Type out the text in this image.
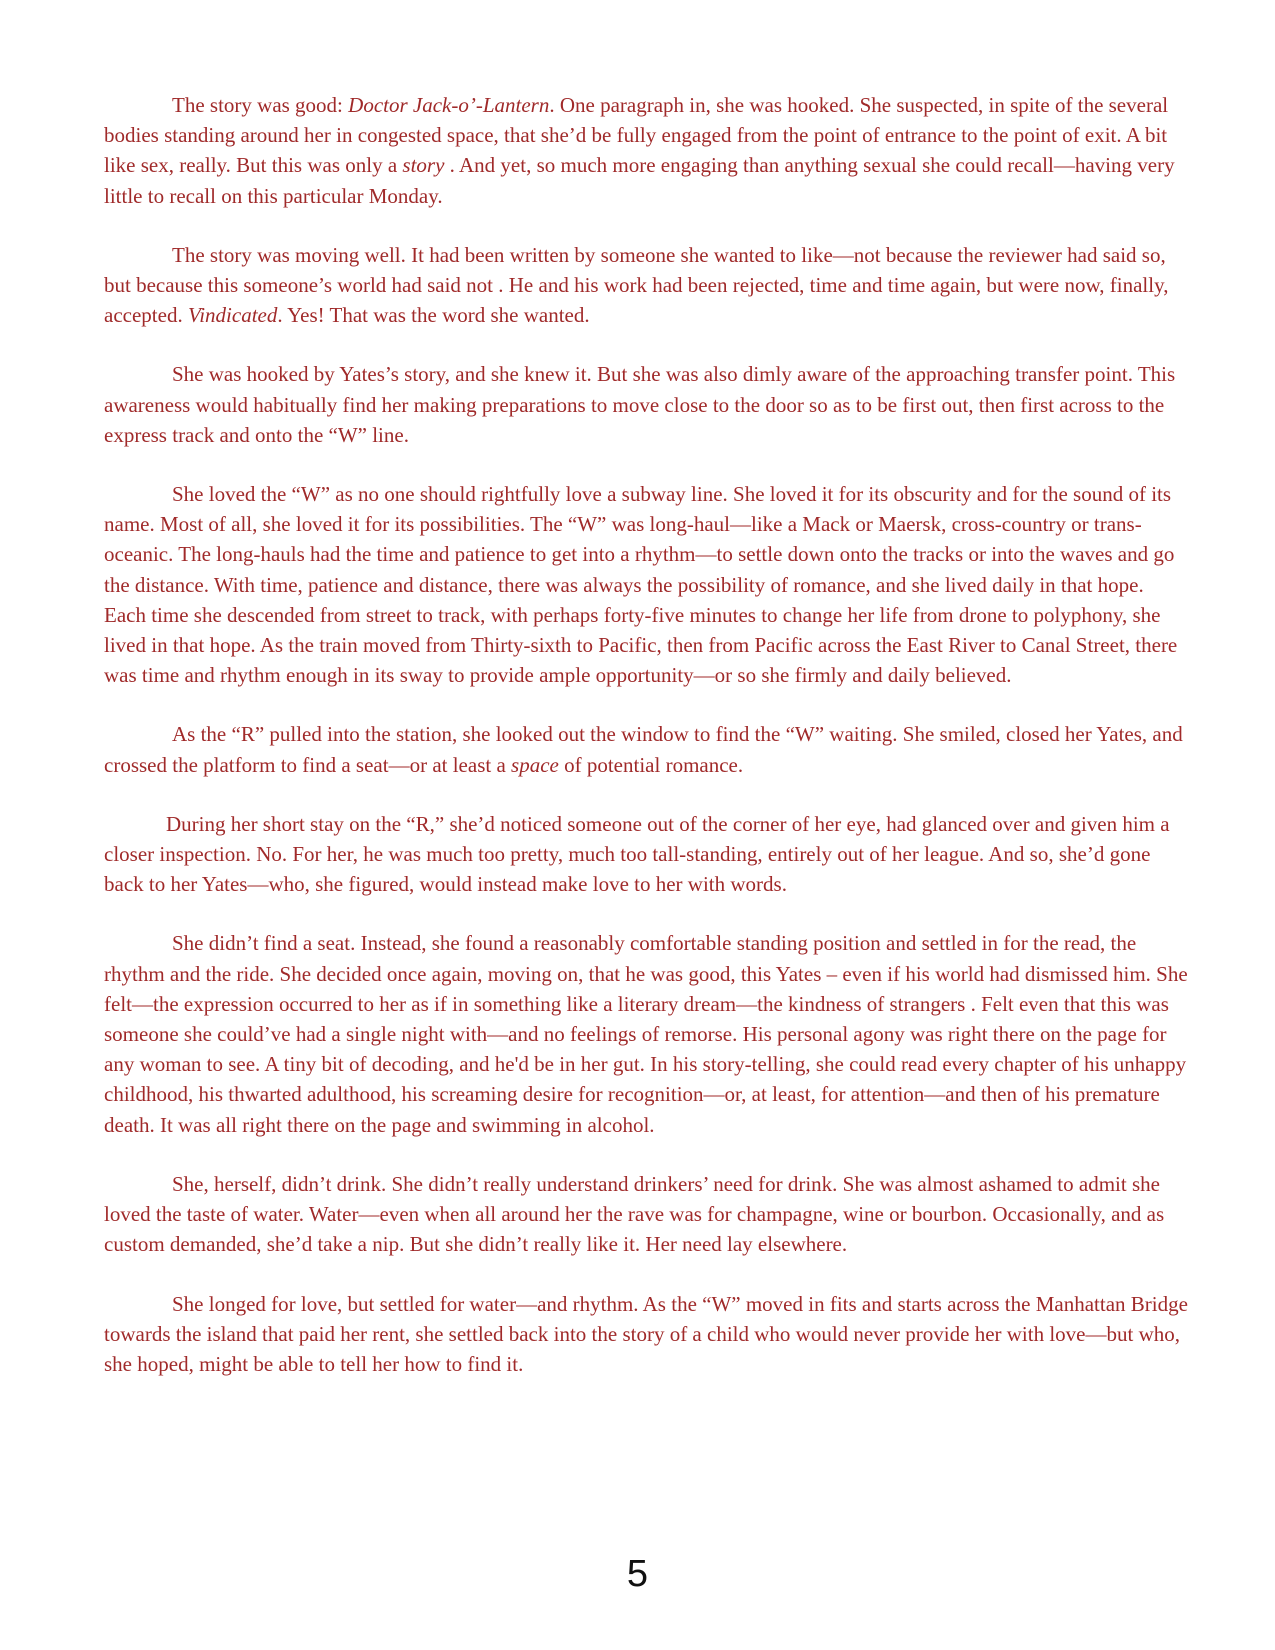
The story was good: Doctor Jack-o’-Lantern. One paragraph in, she was hooked. She suspected, in spite of the several bodies standing around her in congested space, that she’d be fully engaged from the point of entrance to the point of exit. A bit like sex, really. But this was only a story . And yet, so much more engaging than anything sexual she could recall—having very little to recall on this particular Monday.

The story was moving well. It had been written by someone she wanted to like—not because the reviewer had said so, but because this someone’s world had said not . He and his work had been rejected, time and time again, but were now, finally, accepted. Vindicated. Yes! That was the word she wanted.

She was hooked by Yates’s story, and she knew it. But she was also dimly aware of the approaching transfer point. This awareness would habitually find her making preparations to move close to the door so as to be first out, then first across to the express track and onto the “W” line.

She loved the “W” as no one should rightfully love a subway line. She loved it for its obscurity and for the sound of its name. Most of all, she loved it for its possibilities. The “W” was long-haul—like a Mack or Maersk, cross-country or trans-oceanic. The long-hauls had the time and patience to get into a rhythm—to settle down onto the tracks or into the waves and go the distance. With time, patience and distance, there was always the possibility of romance, and she lived daily in that hope. Each time she descended from street to track, with perhaps forty-five minutes to change her life from drone to polyphony, she lived in that hope. As the train moved from Thirty-sixth to Pacific, then from Pacific across the East River to Canal Street, there was time and rhythm enough in its sway to provide ample opportunity—or so she firmly and daily believed.

As the “R” pulled into the station, she looked out the window to find the “W” waiting. She smiled, closed her Yates, and crossed the platform to find a seat—or at least a space of potential romance.

During her short stay on the “R,” she’d noticed someone out of the corner of her eye, had glanced over and given him a closer inspection. No. For her, he was much too pretty, much too tall-standing, entirely out of her league. And so, she’d gone back to her Yates—who, she figured, would instead make love to her with words.

She didn’t find a seat. Instead, she found a reasonably comfortable standing position and settled in for the read, the rhythm and the ride. She decided once again, moving on, that he was good, this Yates – even if his world had dismissed him. She felt—the expression occurred to her as if in something like a literary dream—the kindness of strangers . Felt even that this was someone she could’ve had a single night with—and no feelings of remorse. His personal agony was right there on the page for any woman to see. A tiny bit of decoding, and he'd be in her gut. In his story-telling, she could read every chapter of his unhappy childhood, his thwarted adulthood, his screaming desire for recognition—or, at least, for attention—and then of his premature death. It was all right there on the page and swimming in alcohol.

She, herself, didn’t drink. She didn’t really understand drinkers’ need for drink. She was almost ashamed to admit she loved the taste of water. Water—even when all around her the rave was for champagne, wine or bourbon. Occasionally, and as custom demanded, she’d take a nip. But she didn’t really like it. Her need lay elsewhere.

She longed for love, but settled for water—and rhythm. As the “W” moved in fits and starts across the Manhattan Bridge towards the island that paid her rent, she settled back into the story of a child who would never provide her with love—but who, she hoped, might be able to tell her how to find it.

5
